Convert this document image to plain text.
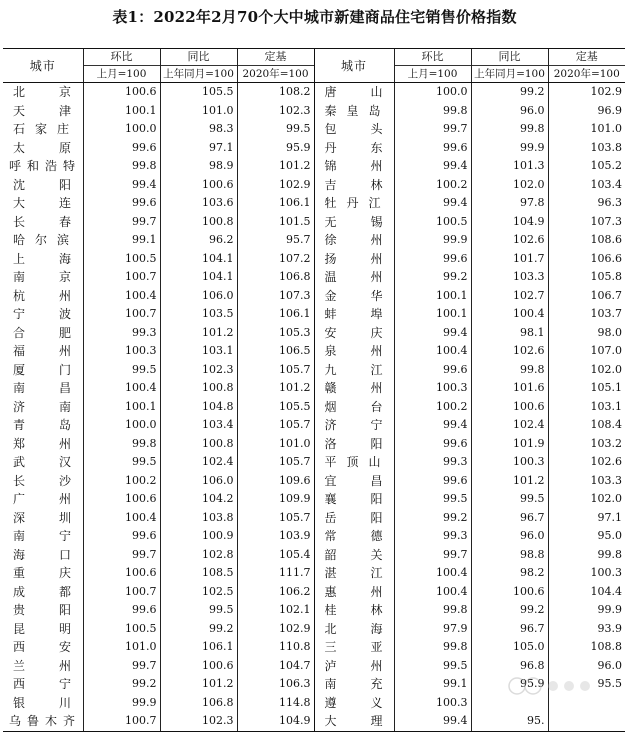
表1：2022年2月70个大中城市新建商品住宅销售价格指数
城市	环比	同比	定基	城市	环比	同比	定基
	上月=100	上年同月=100	2020年=100		上月=100	上年同月=100	2020年=100

北 京	100.6	105.5	108.2	唐 山	100.0	99.2	102.9

天 津	100.1	101.0	102.3	秦 皇 岛	99.8	96.0	96.9

石 家 庄	100.0	98.3	99.5	包 头	99.7	99.8	101.0

太 原	99.6	97.1	95.9	丹 东	99.6	99.9	103.8

呼 和 浩 特	99.8	98.9	101.2	锦 州	99.4	101.3	105.2

沈 阳	99.4	100.6	102.9	吉 林	100.2	102.0	103.4

大 连	99.6	103.6	106.1	牡 丹 江	99.4	97.8	96.3

长 春	99.7	100.8	101.5	无 锡	100.5	104.9	107.3

哈 尔 滨	99.1	96.2	95.7	徐 州	99.9	102.6	108.6

上 海	100.5	104.1	107.2	扬 州	99.6	101.7	106.6

南 京	100.7	104.1	106.8	温 州	99.2	103.3	105.8

杭 州	100.4	106.0	107.3	金 华	100.1	102.7	106.7

宁 波	100.7	103.5	106.1	蚌 埠	100.1	100.4	103.7

合 肥	99.3	101.2	105.3	安 庆	99.4	98.1	98.0

福 州	100.3	103.1	106.5	泉 州	100.4	102.6	107.0

厦 门	99.5	102.3	105.7	九 江	99.6	99.8	102.0

南 昌	100.4	100.8	101.2	赣 州	100.3	101.6	105.1

济 南	100.1	104.8	105.5	烟 台	100.2	100.6	103.1

青 岛	100.0	103.4	105.7	济 宁	99.4	102.4	108.4

郑 州	99.8	100.8	101.0	洛 阳	99.6	101.9	103.2

武 汉	99.5	102.4	105.7	平 顶 山	99.3	100.3	102.6

长 沙	100.2	106.0	109.6	宜 昌	99.6	101.2	103.3

广 州	100.6	104.2	109.9	襄 阳	99.5	99.5	102.0

深 圳	100.4	103.8	105.7	岳 阳	99.2	96.7	97.1

南 宁	99.6	100.9	103.9	常 德	99.3	96.0	95.0

海 口	99.7	102.8	105.4	韶 关	99.7	98.8	99.8

重 庆	100.6	108.5	111.7	湛 江	100.4	98.2	100.3

成 都	100.7	102.5	106.2	惠 州	100.4	100.6	104.4

贵 阳	99.6	99.5	102.1	桂 林	99.8	99.2	99.9

昆 明	100.5	99.2	102.9	北 海	97.9	96.7	93.9

西 安	101.0	106.1	110.8	三 亚	99.8	105.0	108.8

兰 州	99.7	100.6	104.7	泸 州	99.5	96.8	96.0

西 宁	99.2	101.2	106.3	南 充	99.1	95.9	95.5

银 川	99.9	106.8	114.8	遵 义	100.3		

乌 鲁 木 齐	100.7	102.3	104.9	大 理	99.4	95.	
